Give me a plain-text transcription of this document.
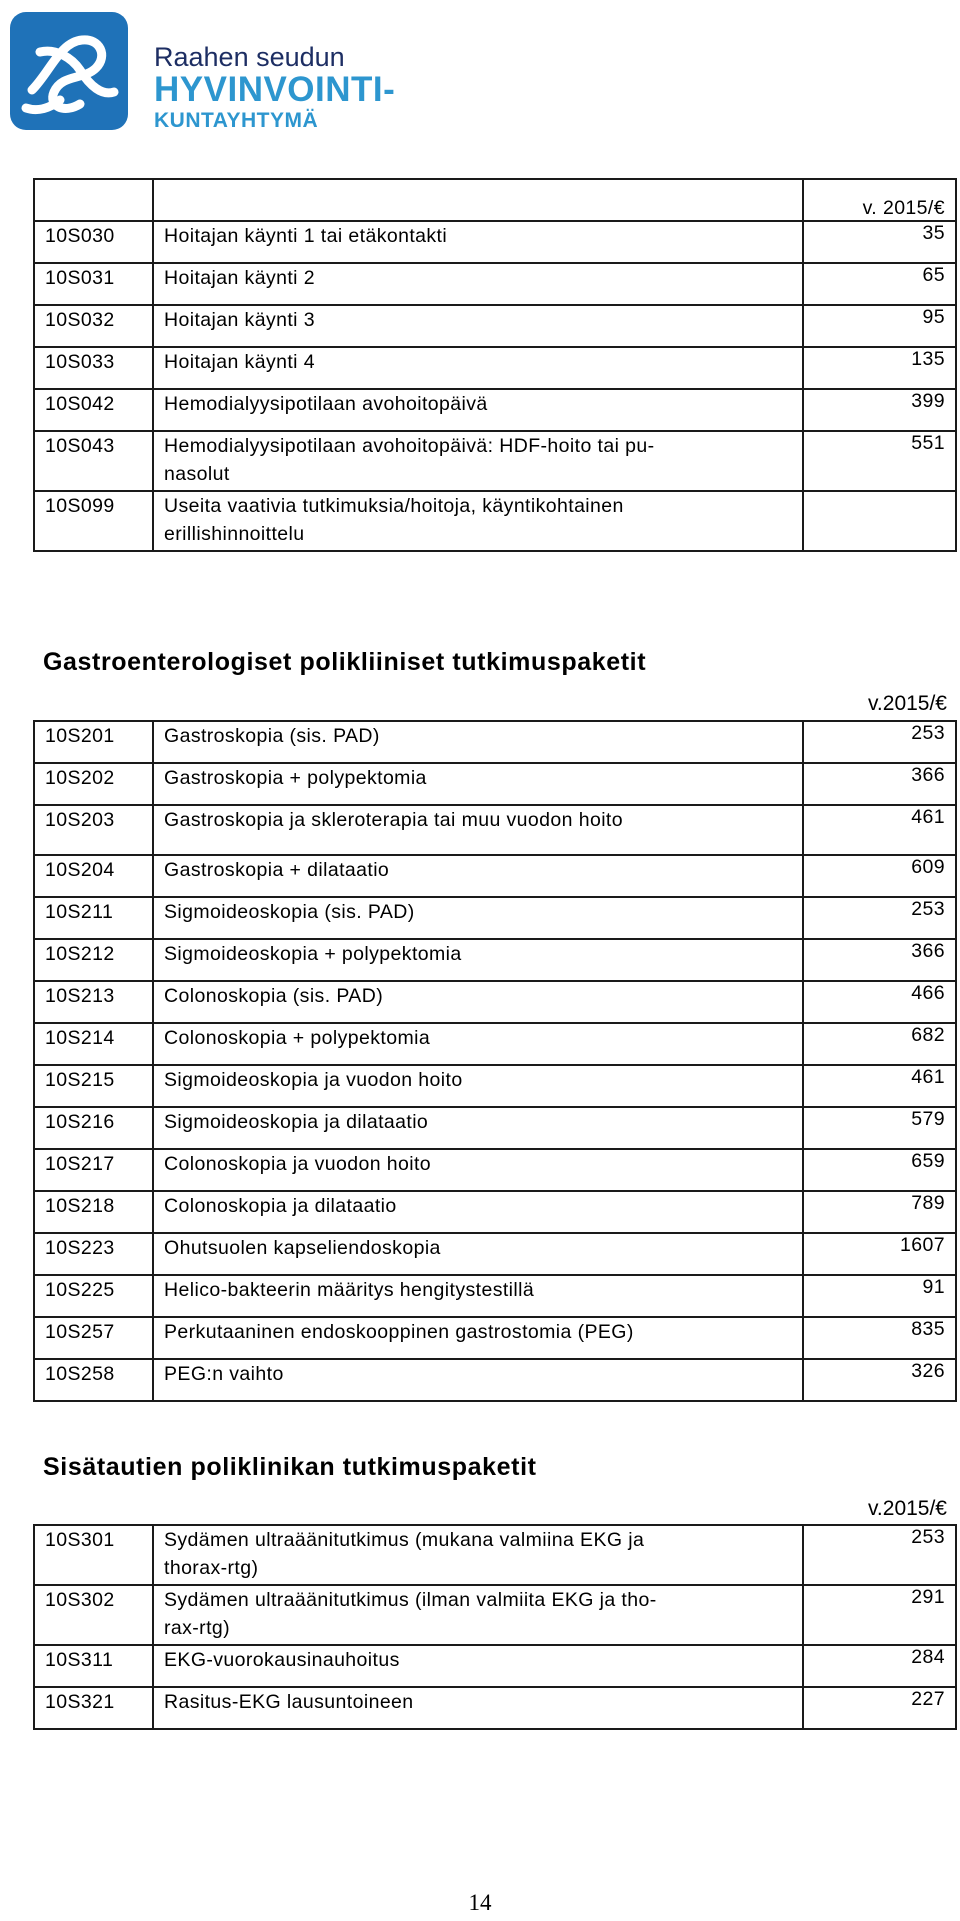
Raahen seudun
HYVINVOINTI-
KUNTAYHTYMÄ
		v. 2015/€
10S030	Hoitajan käynti 1 tai etäkontakti	35
10S031	Hoitajan käynti 2	65
10S032	Hoitajan käynti 3	95
10S033	Hoitajan käynti 4	135
10S042	Hemodialyysipotilaan avohoitopäivä	399
10S043	Hemodialyysipotilaan avohoitopäivä: HDF-hoito tai pu-
nasolut	551
10S099	Useita vaativia tutkimuksia/hoitoja, käyntikohtainen
erillishinnoittelu	
Gastroenterologiset polikliiniset tutkimuspaketit
v.2015/€
10S201	Gastroskopia (sis. PAD)	253
10S202	Gastroskopia + polypektomia	366
10S203	Gastroskopia ja skleroterapia tai muu vuodon hoito	461
10S204	Gastroskopia + dilataatio	609
10S211	Sigmoideoskopia (sis. PAD)	253
10S212	Sigmoideoskopia + polypektomia	366
10S213	Colonoskopia (sis. PAD)	466
10S214	Colonoskopia + polypektomia	682
10S215	Sigmoideoskopia ja vuodon hoito	461
10S216	Sigmoideoskopia ja dilataatio	579
10S217	Colonoskopia ja vuodon hoito	659
10S218	Colonoskopia ja dilataatio	789
10S223	Ohutsuolen kapseliendoskopia	1607
10S225	Helico-bakteerin määritys hengitystestillä	91
10S257	Perkutaaninen endoskooppinen gastrostomia (PEG)	835
10S258	PEG:n vaihto	326
Sisätautien poliklinikan tutkimuspaketit
v.2015/€
10S301	Sydämen ultraäänitutkimus (mukana valmiina EKG ja
thorax-rtg)	253
10S302	Sydämen ultraäänitutkimus (ilman valmiita EKG ja tho-
rax-rtg)	291
10S311	EKG-vuorokausinauhoitus	284
10S321	Rasitus-EKG lausuntoineen	227
14
